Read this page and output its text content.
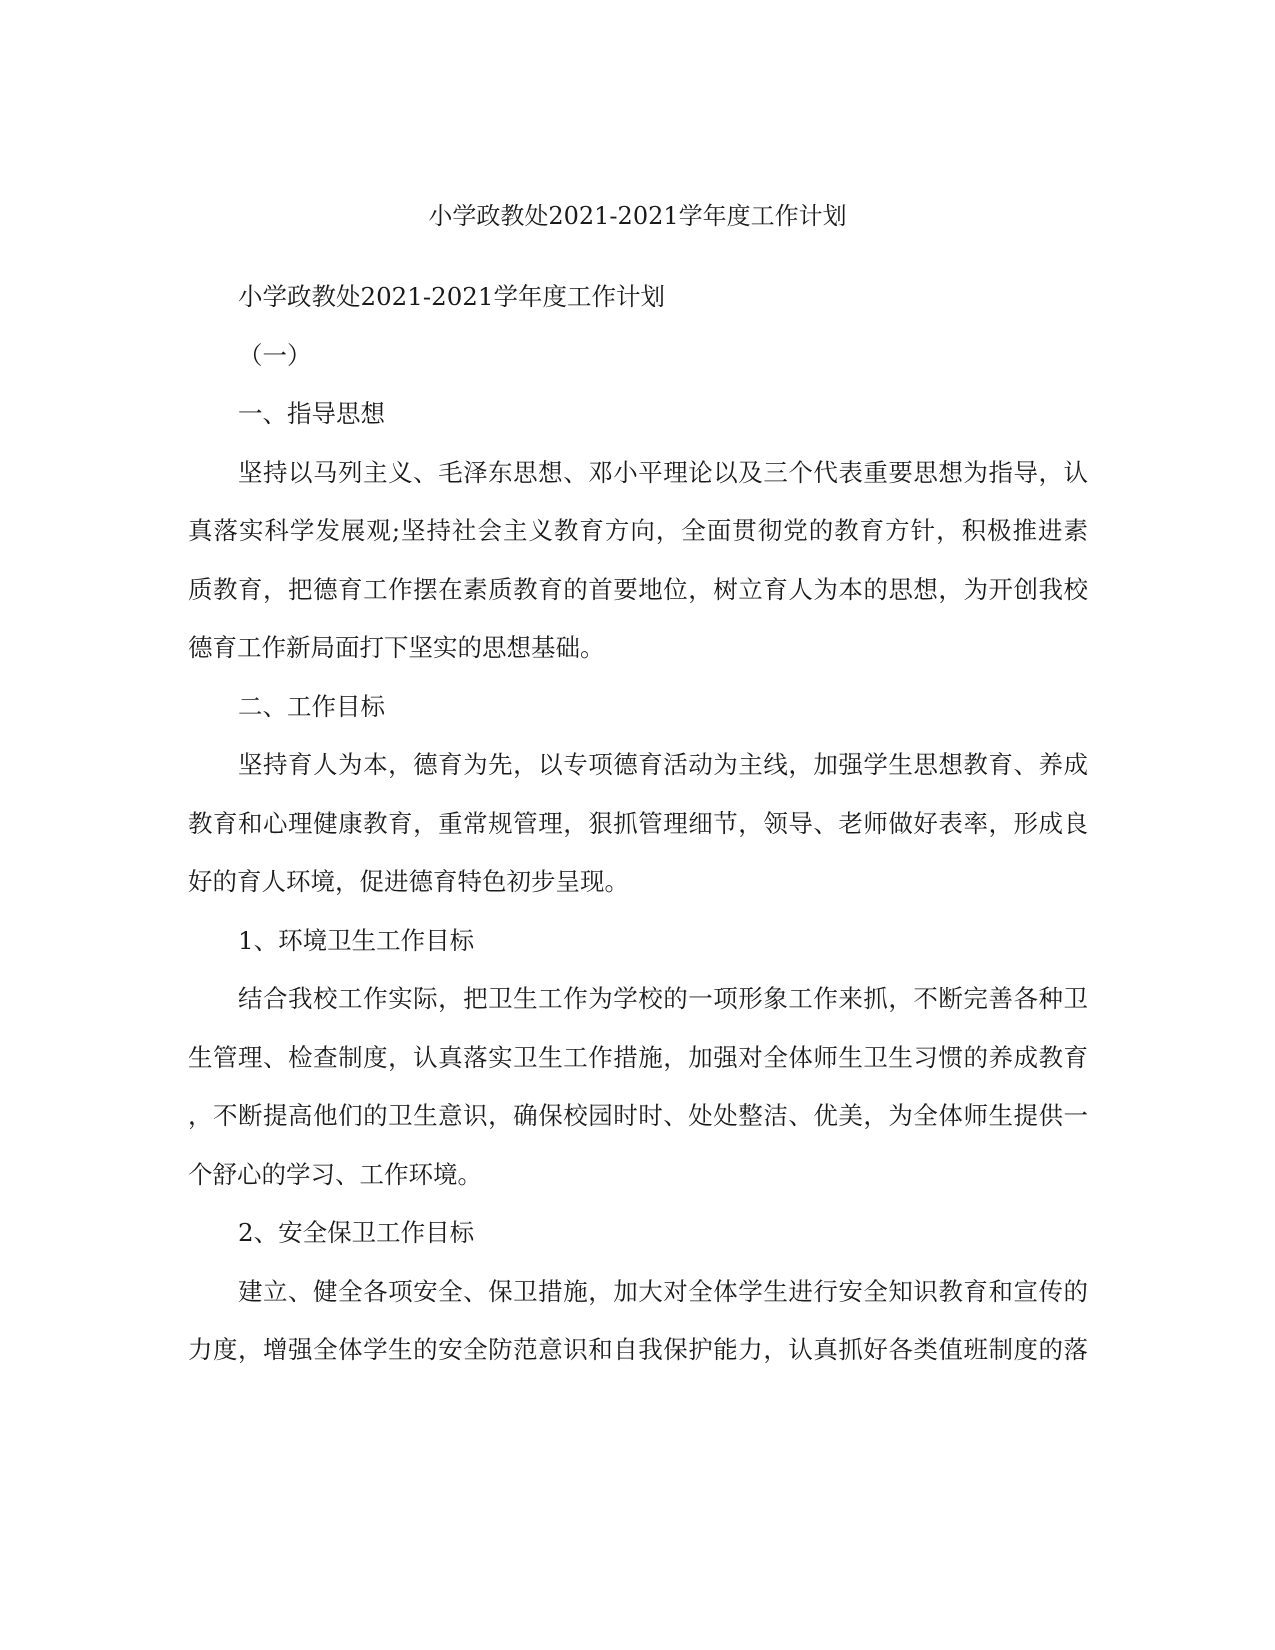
小学政教处2021-2021学年度工作计划

小学政教处2021-2021学年度工作计划

（一）

一、指导思想

坚持以马列主义、毛泽东思想、邓小平理论以及三个代表重要思想为指导，认
真落实科学发展观;坚持社会主义教育方向，全面贯彻党的教育方针，积极推进素
质教育，把德育工作摆在素质教育的首要地位，树立育人为本的思想，为开创我校
德育工作新局面打下坚实的思想基础。

二、工作目标

坚持育人为本，德育为先，以专项德育活动为主线，加强学生思想教育、养成
教育和心理健康教育，重常规管理，狠抓管理细节，领导、老师做好表率，形成良
好的育人环境，促进德育特色初步呈现。

1、环境卫生工作目标

结合我校工作实际，把卫生工作为学校的一项形象工作来抓，不断完善各种卫
生管理、检查制度，认真落实卫生工作措施，加强对全体师生卫生习惯的养成教育
，不断提高他们的卫生意识，确保校园时时、处处整洁、优美，为全体师生提供一
个舒心的学习、工作环境。

2、安全保卫工作目标

建立、健全各项安全、保卫措施，加大对全体学生进行安全知识教育和宣传的
力度，增强全体学生的安全防范意识和自我保护能力，认真抓好各类值班制度的落
